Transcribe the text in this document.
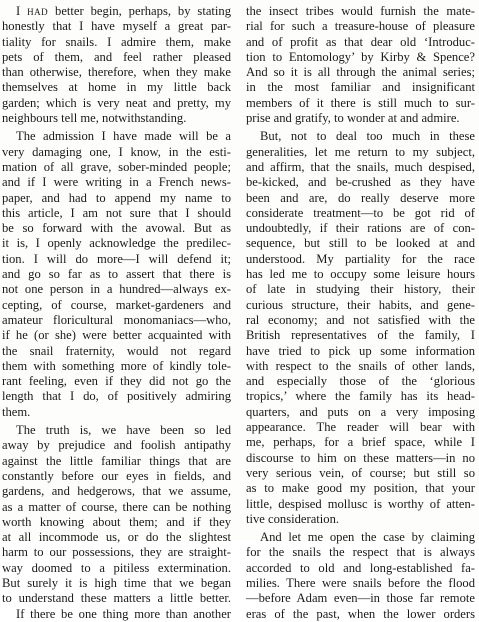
I had better begin, perhaps, by stating
honestly that I have myself a great par-
tiality for snails. I admire them, make
pets of them, and feel rather pleased
than otherwise, therefore, when they make
themselves at home in my little back
garden; which is very neat and pretty, my
neighbours tell me, notwithstanding.
The admission I have made will be a
very damaging one, I know, in the esti-
mation of all grave, sober-minded people;
and if I were writing in a French news-
paper, and had to append my name to
this article, I am not sure that I should
be so forward with the avowal. But as
it is, I openly acknowledge the predilec-
tion. I will do more—I will defend it;
and go so far as to assert that there is
not one person in a hundred—always ex-
cepting, of course, market-gardeners and
amateur floricultural monomaniacs—who,
if he (or she) were better acquainted with
the snail fraternity, would not regard
them with something more of kindly tole-
rant feeling, even if they did not go the
length that I do, of positively admiring
them.
The truth is, we have been so led
away by prejudice and foolish antipathy
against the little familiar things that are
constantly before our eyes in fields, and
gardens, and hedgerows, that we assume,
as a matter of course, there can be nothing
worth knowing about them; and if they
at all incommode us, or do the slightest
harm to our possessions, they are straight-
way doomed to a pitiless extermination.
But surely it is high time that we began
to understand these matters a little better.
If there be one thing more than another
the insect tribes would furnish the mate-
rial for such a treasure-house of pleasure
and of profit as that dear old ‘Introduc-
tion to Entomology’ by Kirby & Spence?
And so it is all through the animal series;
in the most familiar and insignificant
members of it there is still much to sur-
prise and gratify, to wonder at and admire.
But, not to deal too much in these
generalities, let me return to my subject,
and affirm, that the snails, much despised,
be-kicked, and be-crushed as they have
been and are, do really deserve more
considerate treatment—to be got rid of
undoubtedly, if their rations are of con-
sequence, but still to be looked at and
understood. My partiality for the race
has led me to occupy some leisure hours
of late in studying their history, their
curious structure, their habits, and gene-
ral economy; and not satisfied with the
British representatives of the family, I
have tried to pick up some information
with respect to the snails of other lands,
and especially those of the ‘glorious
tropics,’ where the family has its head-
quarters, and puts on a very imposing
appearance. The reader will bear with
me, perhaps, for a brief space, while I
discourse to him on these matters—in no
very serious vein, of course; but still so
as to make good my position, that your
little, despised mollusc is worthy of atten-
tive consideration.
And let me open the case by claiming
for the snails the respect that is always
accorded to old and long-established fa-
milies. There were snails before the flood
—before Adam even—in those far remote
eras of the past, when the lower orders
